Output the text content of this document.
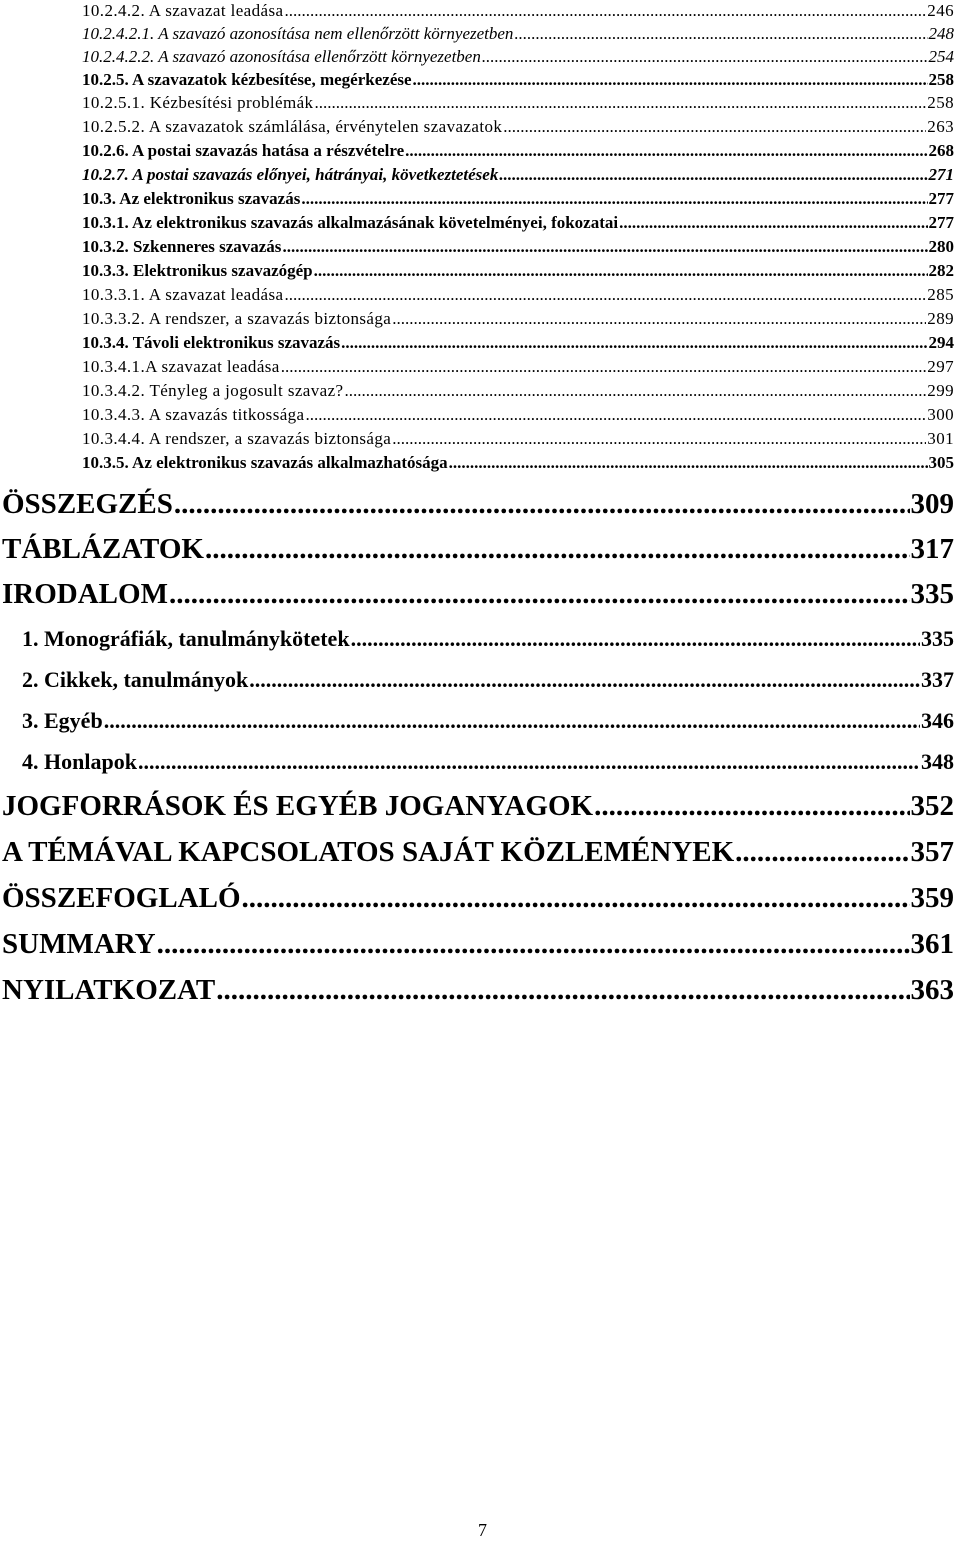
10.2.4.2. A szavazat leadása .....	246
10.2.4.2.1. A szavazó azonosítása nem ellenőrzött környezetben .....	248
10.2.4.2.2. A szavazó azonosítása ellenőrzött környezetben .....	254
10.2.5. A szavazatok kézbesítése, megérkezése .....	258
10.2.5.1. Kézbesítési problémák .....	258
10.2.5.2. A szavazatok számlálása, érvénytelen szavazatok .....	263
10.2.6. A postai szavazás hatása a részvételre .....	268
10.2.7. A postai szavazás előnyei, hátrányai, következtetések .....	271
10.3. Az elektronikus szavazás .....	277
10.3.1. Az elektronikus szavazás alkalmazásának követelményei, fokozatai .....	277
10.3.2. Szkenneres szavazás .....	280
10.3.3. Elektronikus szavazógép .....	282
10.3.3.1. A szavazat leadása .....	285
10.3.3.2. A rendszer, a szavazás biztonsága .....	289
10.3.4. Távoli elektronikus szavazás .....	294
10.3.4.1.A szavazat leadása .....	297
10.3.4.2. Tényleg a jogosult szavaz? .....	299
10.3.4.3. A szavazás titkossága .....	300
10.3.4.4. A rendszer, a szavazás biztonsága .....	301
10.3.5. Az elektronikus szavazás alkalmazhatósága .....	305
ÖSSZEGZÉS .....	309
TÁBLÁZATOK .....	317
IRODALOM .....	335
1. Monográfiák, tanulmánykötetek .....	335
2. Cikkek, tanulmányok .....	337
3. Egyéb .....	346
4. Honlapok .....	348
JOGFORRÁSOK ÉS EGYÉB JOGANYAGOK .....	352
A TÉMÁVAL KAPCSOLATOS SAJÁT KÖZLEMÉNYEK .....	357
ÖSSZEFOGLALÓ .....	359
SUMMARY .....	361
NYILATKOZAT .....	363
7
